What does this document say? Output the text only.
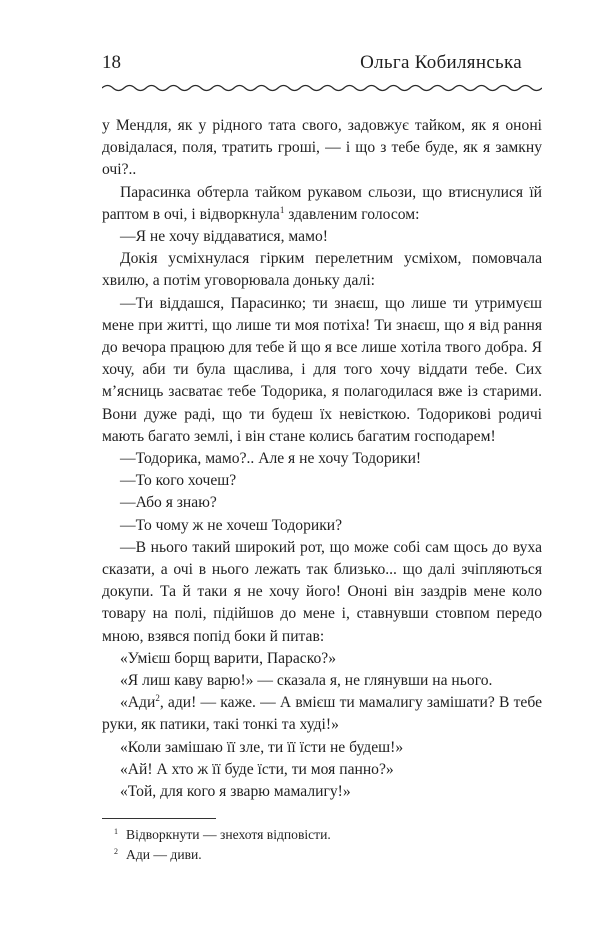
18	Ольга Кобилянська

у Мендля, як у рідного тата свого, задовжує тайком, як я ононі довідалася, поля, тратить гроші, — і що з тебе буде, як я замкну очі?..

Парасинка обтерла тайком рукавом сльози, що втиснулися їй раптом в очі, і відворкнула$^1$ здавленим голосом:

—Я не хочу віддаватися, мамо!

Докія усміхнулася гірким перелетним усміхом, помовчала хвилю, а потім уговорювала доньку далі:

—Ти віддашся, Парасинко; ти знаєш, що лише ти утримуєш мене при житті, що лише ти моя потіха! Ти знаєш, що я від рання до вечора працюю для тебе й що я все лише хотіла твого добра. Я хочу, аби ти була щаслива, і для того хочу віддати тебе. Сих м’ясниць засватає тебе Тодорика, я полагодилася вже із старими. Вони дуже раді, що ти будеш їх невісткою. Тодорикові родичі мають багато землі, і він стане колись багатим господарем!

—Тодорика, мамо?.. Але я не хочу Тодорики!

—То кого хочеш?

—Або я знаю?

—То чому ж не хочеш Тодорики?

—В нього такий широкий рот, що може собі сам щось до вуха сказати, а очі в нього лежать так близько... що далі зчіпляються докупи. Та й таки я не хочу його! Ононі він заздрів мене коло товару на полі, підійшов до мене і, ставнувши стовпом передо мною, взявся попід боки й питав:

«Умієш борщ варити, Параско?»

«Я лиш каву варю!» — сказала я, не глянувши на нього.

«Ади$^2$, ади! — каже. — А вмієш ти мамалигу замішати? В тебе руки, як патики, такі тонкі та худі!»

«Коли замішаю її зле, ти її їсти не будеш!»

«Ай! А хто ж її буде їсти, ти моя панно?»

«Той, для кого я зварю мамалигу!»

$^1$ Відворкнути — знехотя відповісти.

$^2$ Ади — диви.
